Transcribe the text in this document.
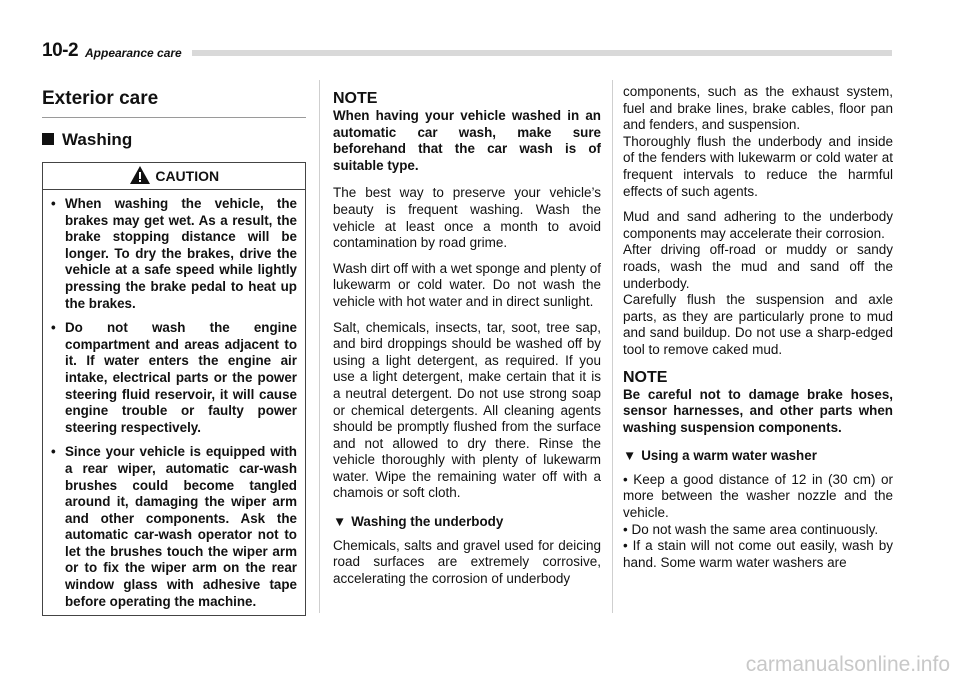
10-2 Appearance care
Exterior care
Washing
CAUTION
• When washing the vehicle, the brakes may get wet. As a result, the brake stopping distance will be longer. To dry the brakes, drive the vehicle at a safe speed while lightly pressing the brake pedal to heat up the brakes.
• Do not wash the engine compartment and areas adjacent to it. If water enters the engine air intake, electrical parts or the power steering fluid reservoir, it will cause engine trouble or faulty power steering respectively.
• Since your vehicle is equipped with a rear wiper, automatic car-wash brushes could become tangled around it, damaging the wiper arm and other components. Ask the automatic car-wash operator not to let the brushes touch the wiper arm or to fix the wiper arm on the rear window glass with adhesive tape before operating the machine.
NOTE

When having your vehicle washed in an automatic car wash, make sure beforehand that the car wash is of suitable type.

The best way to preserve your vehicle’s beauty is frequent washing. Wash the vehicle at least once a month to avoid contamination by road grime.

Wash dirt off with a wet sponge and plenty of lukewarm or cold water. Do not wash the vehicle with hot water and in direct sunlight.

Salt, chemicals, insects, tar, soot, tree sap, and bird droppings should be washed off by using a light detergent, as required. If you use a light detergent, make certain that it is a neutral detergent. Do not use strong soap or chemical detergents. All cleaning agents should be promptly flushed from the surface and not allowed to dry there. Rinse the vehicle thoroughly with plenty of lukewarm water. Wipe the remaining water off with a chamois or soft cloth.

▼ Washing the underbody

Chemicals, salts and gravel used for deicing road surfaces are extremely corrosive, accelerating the corrosion of underbody

components, such as the exhaust system, fuel and brake lines, brake cables, floor pan and fenders, and suspension.

Thoroughly flush the underbody and inside of the fenders with lukewarm or cold water at frequent intervals to reduce the harmful effects of such agents.

Mud and sand adhering to the underbody components may accelerate their corrosion.

After driving off-road or muddy or sandy roads, wash the mud and sand off the underbody.

Carefully flush the suspension and axle parts, as they are particularly prone to mud and sand buildup. Do not use a sharp-edged tool to remove caked mud.

NOTE

Be careful not to damage brake hoses, sensor harnesses, and other parts when washing suspension components.

▼ Using a warm water washer

• Keep a good distance of 12 in (30 cm) or more between the washer nozzle and the vehicle.

• Do not wash the same area continuously.

• If a stain will not come out easily, wash by hand. Some warm water washers are

carmanualsonline.info
